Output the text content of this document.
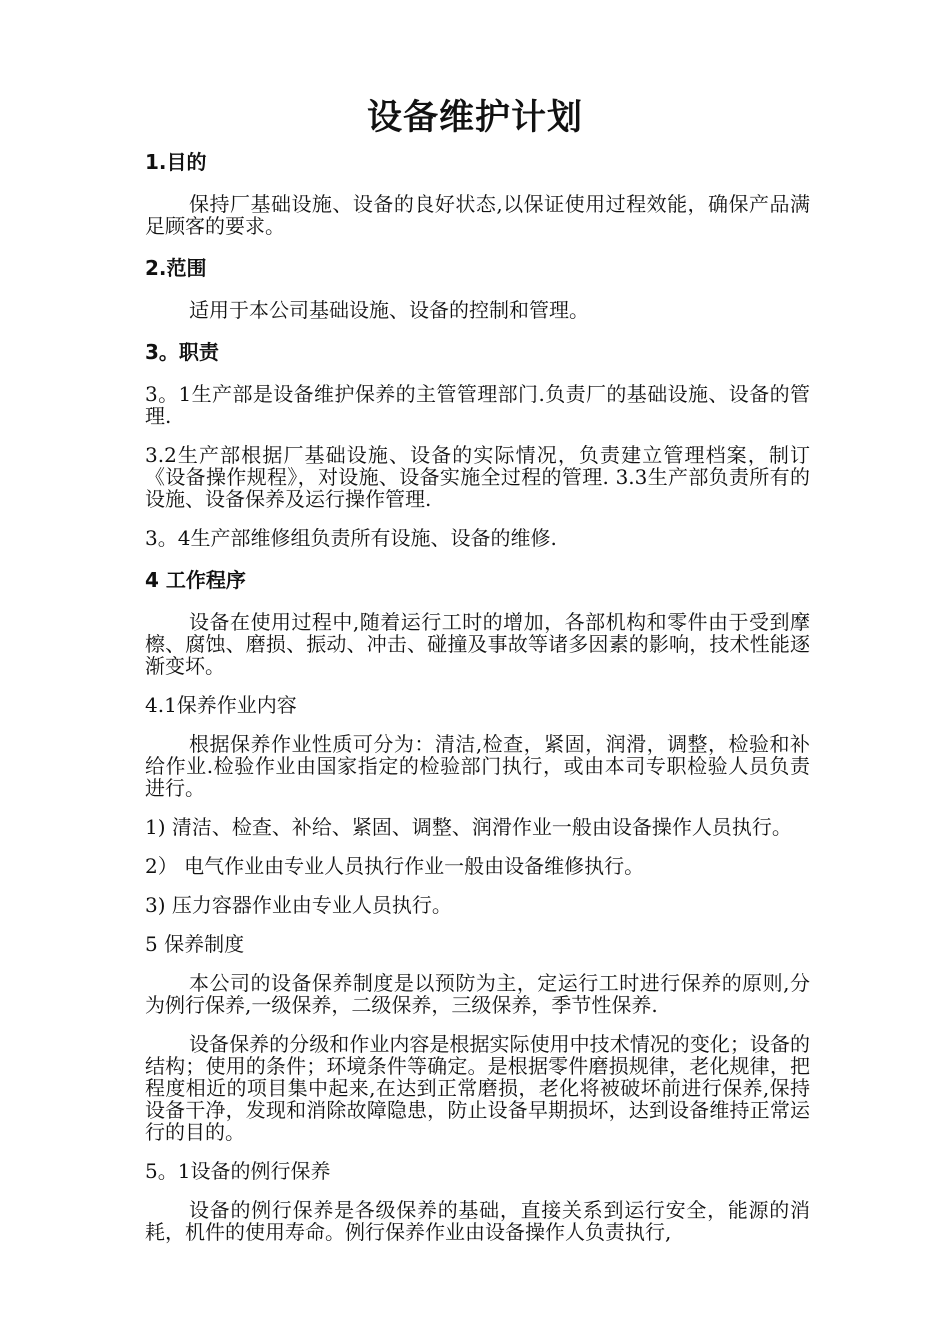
设备维护计划
1.目的
保持厂基础设施、设备的良好状态,以保证使用过程效能，确保产品满足顾客的要求。
2.范围
适用于本公司基础设施、设备的控制和管理。
3。职责
3。1生产部是设备维护保养的主管管理部门.负责厂的基础设施、设备的管理.
3.2生产部根据厂基础设施、设备的实际情况，负责建立管理档案，制订《设备操作规程》，对设施、设备实施全过程的管理. 3.3生产部负责所有的设施、设备保养及运行操作管理.
3。4生产部维修组负责所有设施、设备的维修.
4 工作程序
设备在使用过程中,随着运行工时的增加，各部机构和零件由于受到摩檫、腐蚀、磨损、振动、冲击、碰撞及事故等诸多因素的影响，技术性能逐渐变坏。
4.1保养作业内容
根据保养作业性质可分为：清洁,检查，紧固，润滑，调整，检验和补给作业.检验作业由国家指定的检验部门执行，或由本司专职检验人员负责进行。
1) 清洁、检查、补给、紧固、调整、润滑作业一般由设备操作人员执行。
2） 电气作业由专业人员执行作业一般由设备维修执行。
3) 压力容器作业由专业人员执行。
5 保养制度
本公司的设备保养制度是以预防为主，定运行工时进行保养的原则,分为例行保养,一级保养，二级保养，三级保养，季节性保养.
设备保养的分级和作业内容是根据实际使用中技术情况的变化；设备的结构；使用的条件；环境条件等确定。是根据零件磨损规律，老化规律，把程度相近的项目集中起来,在达到正常磨损，老化将被破坏前进行保养,保持设备干净，发现和消除故障隐患，防止设备早期损坏，达到设备维持正常运行的目的。
5。1设备的例行保养
设备的例行保养是各级保养的基础，直接关系到运行安全，能源的消耗，机件的使用寿命。例行保养作业由设备操作人负责执行,
